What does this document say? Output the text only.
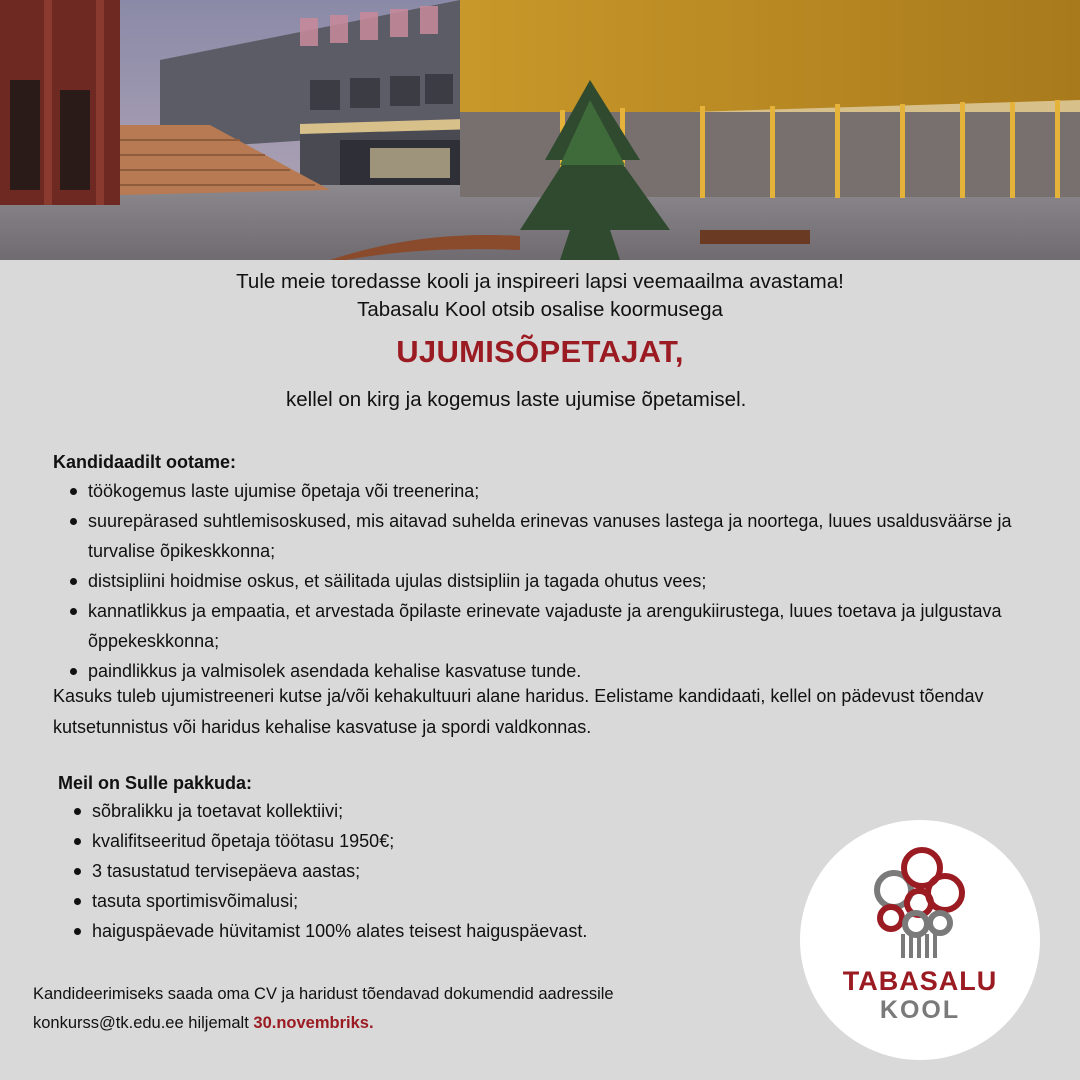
Tule meie toredasse kooli ja inspireeri lapsi veemaailma avastama!
Tabasalu Kool otsib osalise koormusega
UJUMISÕPETAJAT,
kellel on kirg ja kogemus laste ujumise õpetamisel.
Kandidaadilt ootame:
töökogemus laste ujumise õpetaja või treenerina;
suurepärased suhtlemisoskused, mis aitavad suhelda erinevas vanuses lastega ja noortega, luues usaldusväärse ja turvalise õpikeskkonna;
distsipliini hoidmise oskus, et säilitada ujulas distsipliin ja tagada ohutus vees;
kannatlikkus ja empaatia, et arvestada õpilaste erinevate vajaduste ja arengukiirustega, luues toetava ja julgustava õppekeskkonna;
paindlikkus ja valmisolek asendada kehalise kasvatuse tunde.
Kasuks tuleb ujumistreeneri kutse ja/või kehakultuuri alane haridus. Eelistame kandidaati, kellel on pädevust tõendav kutsetunnistus või haridus kehalise kasvatuse ja spordi valdkonnas.
Meil on Sulle pakkuda:
sõbralikku ja toetavat kollektiivi;
kvalifitseeritud õpetaja töötasu 1950€;
3 tasustatud tervisepäeva aastas;
tasuta sportimisvõimalusi;
haiguspäevade hüvitamist 100% alates teisest haiguspäevast.
Kandideerimiseks saada oma CV ja haridust tõendavad dokumendid aadressile
konkurss@tk.edu.ee hiljemalt 30.novembriks.
TABASALU
KOOL
